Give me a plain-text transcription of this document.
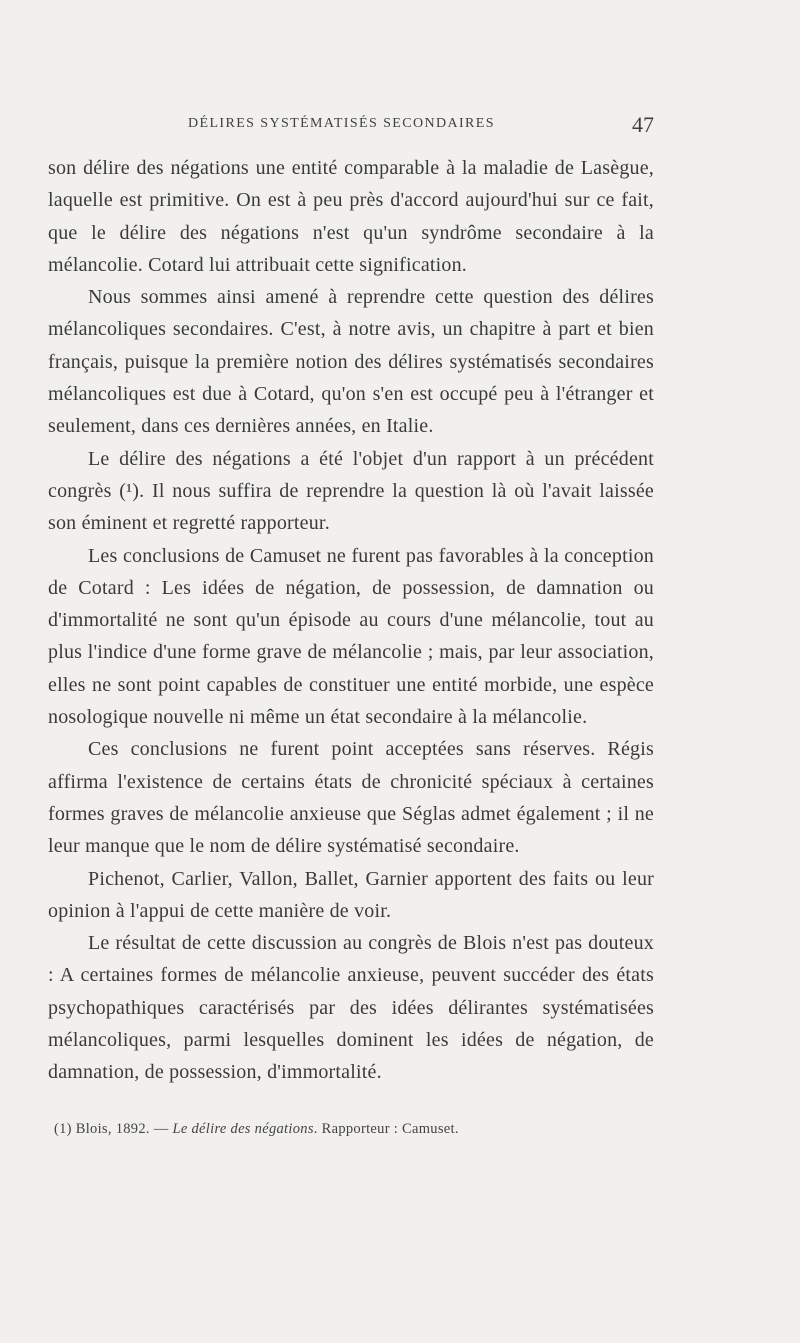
DÉLIRES SYSTÉMATISÉS SECONDAIRES	47

son délire des négations une entité comparable à la maladie de Lasègue, laquelle est primitive. On est à peu près d'accord aujourd'hui sur ce fait, que le délire des négations n'est qu'un syndrôme secondaire à la mélancolie. Cotard lui attribuait cette signification.

Nous sommes ainsi amené à reprendre cette question des délires mélancoliques secondaires. C'est, à notre avis, un chapitre à part et bien français, puisque la première notion des délires systématisés secondaires mélancoliques est due à Cotard, qu'on s'en est occupé peu à l'étranger et seulement, dans ces dernières années, en Italie.

Le délire des négations a été l'objet d'un rapport à un précédent congrès (¹). Il nous suffira de reprendre la question là où l'avait laissée son éminent et regretté rapporteur.

Les conclusions de Camuset ne furent pas favorables à la conception de Cotard : Les idées de négation, de possession, de damnation ou d'immortalité ne sont qu'un épisode au cours d'une mélancolie, tout au plus l'indice d'une forme grave de mélancolie ; mais, par leur association, elles ne sont point capables de constituer une entité morbide, une espèce nosologique nouvelle ni même un état secondaire à la mélancolie.

Ces conclusions ne furent point acceptées sans réserves. Régis affirma l'existence de certains états de chronicité spéciaux à certaines formes graves de mélancolie anxieuse que Séglas admet également ; il ne leur manque que le nom de délire systématisé secondaire.

Pichenot, Carlier, Vallon, Ballet, Garnier apportent des faits ou leur opinion à l'appui de cette manière de voir.

Le résultat de cette discussion au congrès de Blois n'est pas douteux : A certaines formes de mélancolie anxieuse, peuvent succéder des états psychopathiques caractérisés par des idées délirantes systématisées mélancoliques, parmi lesquelles dominent les idées de négation, de damnation, de possession, d'immortalité.

(1) Blois, 1892. — Le délire des négations. Rapporteur : Camuset.
